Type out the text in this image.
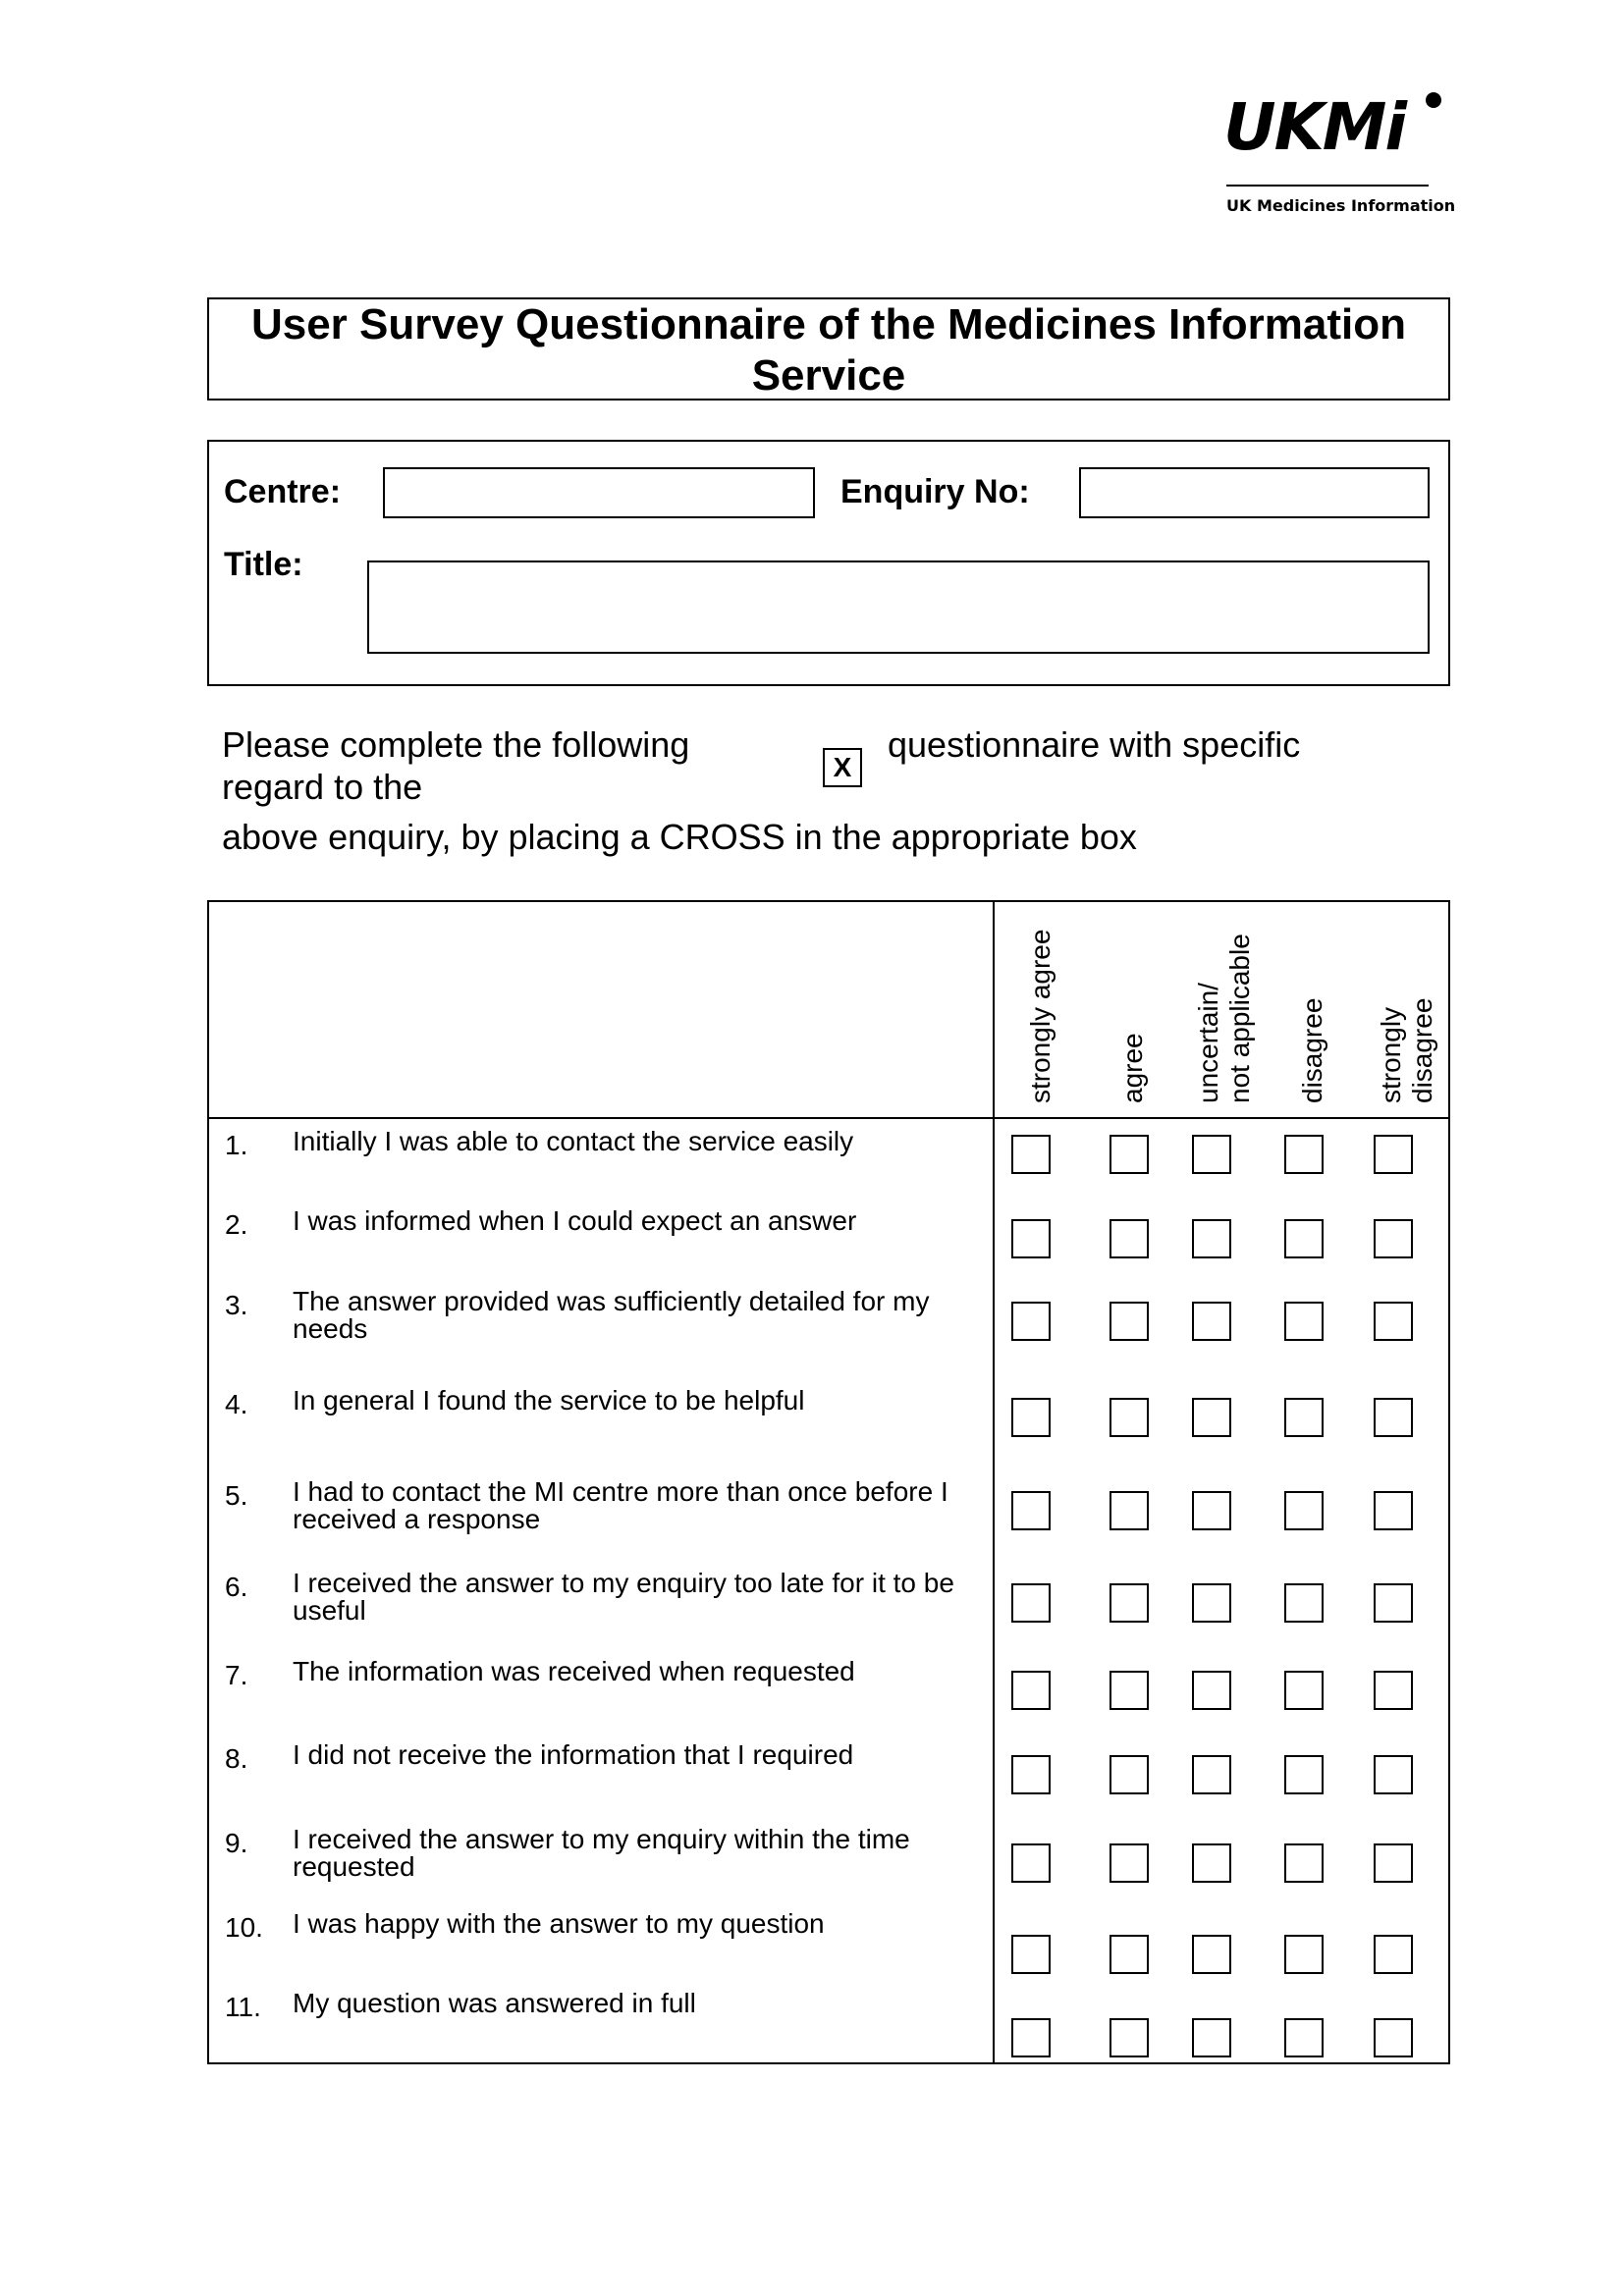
UKMi
UK Medicines Information
User Survey Questionnaire of the Medicines Information
Service
Centre:	Enquiry No:
Title:
Please complete the following
X
questionnaire with specific
regard to the
above enquiry, by placing a CROSS in the appropriate box
strongly agree agree uncertain/ not applicable disagree strongly disagree
1. Initially I was able to contact the service easily
2. I was informed when I could expect an answer
3. The answer provided was sufficiently detailed for my needs
4. In general I found the service to be helpful
5. I had to contact the MI centre more than once before I received a response
6. I received the answer to my enquiry too late for it to be useful
7. The information was received when requested
8. I did not receive the information that I required
9. I received the answer to my enquiry within the time requested
10. I was happy with the answer to my question
11. My question was answered in full
